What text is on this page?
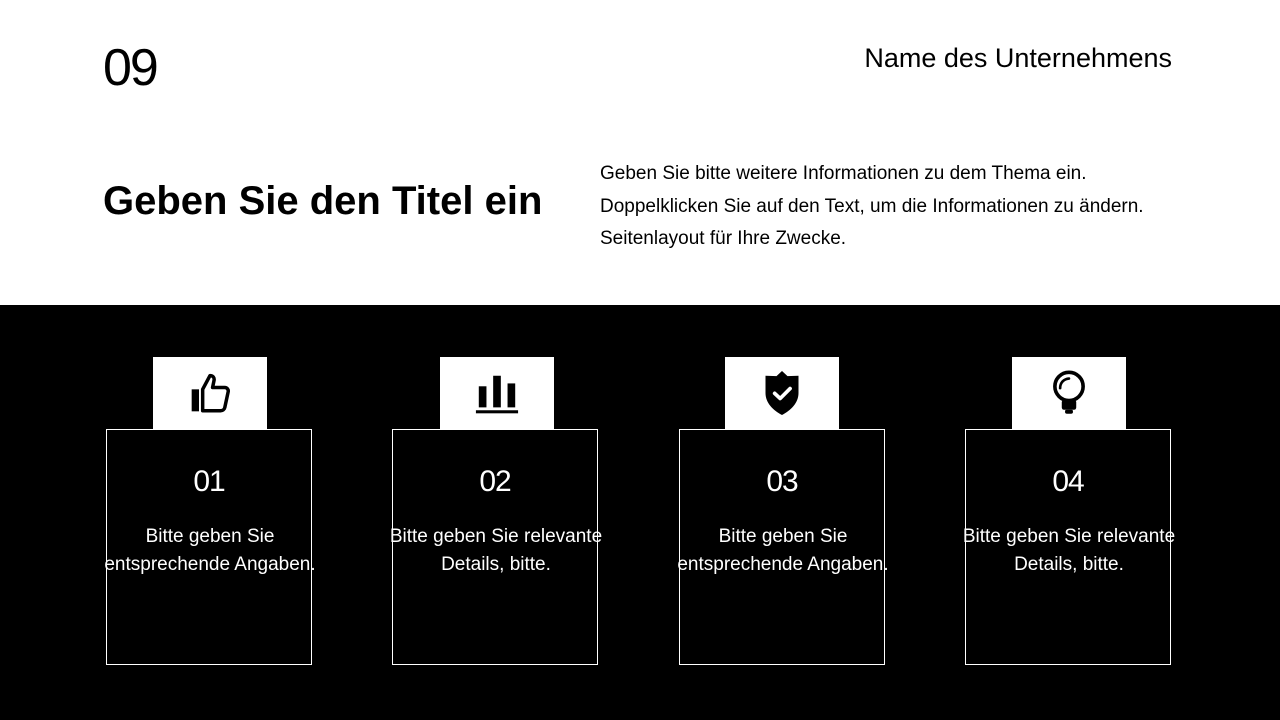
09	Name des Unternehmens
Geben Sie den Titel ein
Geben Sie bitte weitere Informationen zu dem Thema ein.
Doppelklicken Sie auf den Text, um die Informationen zu ändern.
Seitenlayout für Ihre Zwecke.
01
Bitte geben Sie entsprechende Angaben.
02
Bitte geben Sie relevante Details, bitte.
03
Bitte geben Sie entsprechende Angaben.
04
Bitte geben Sie relevante Details, bitte.
